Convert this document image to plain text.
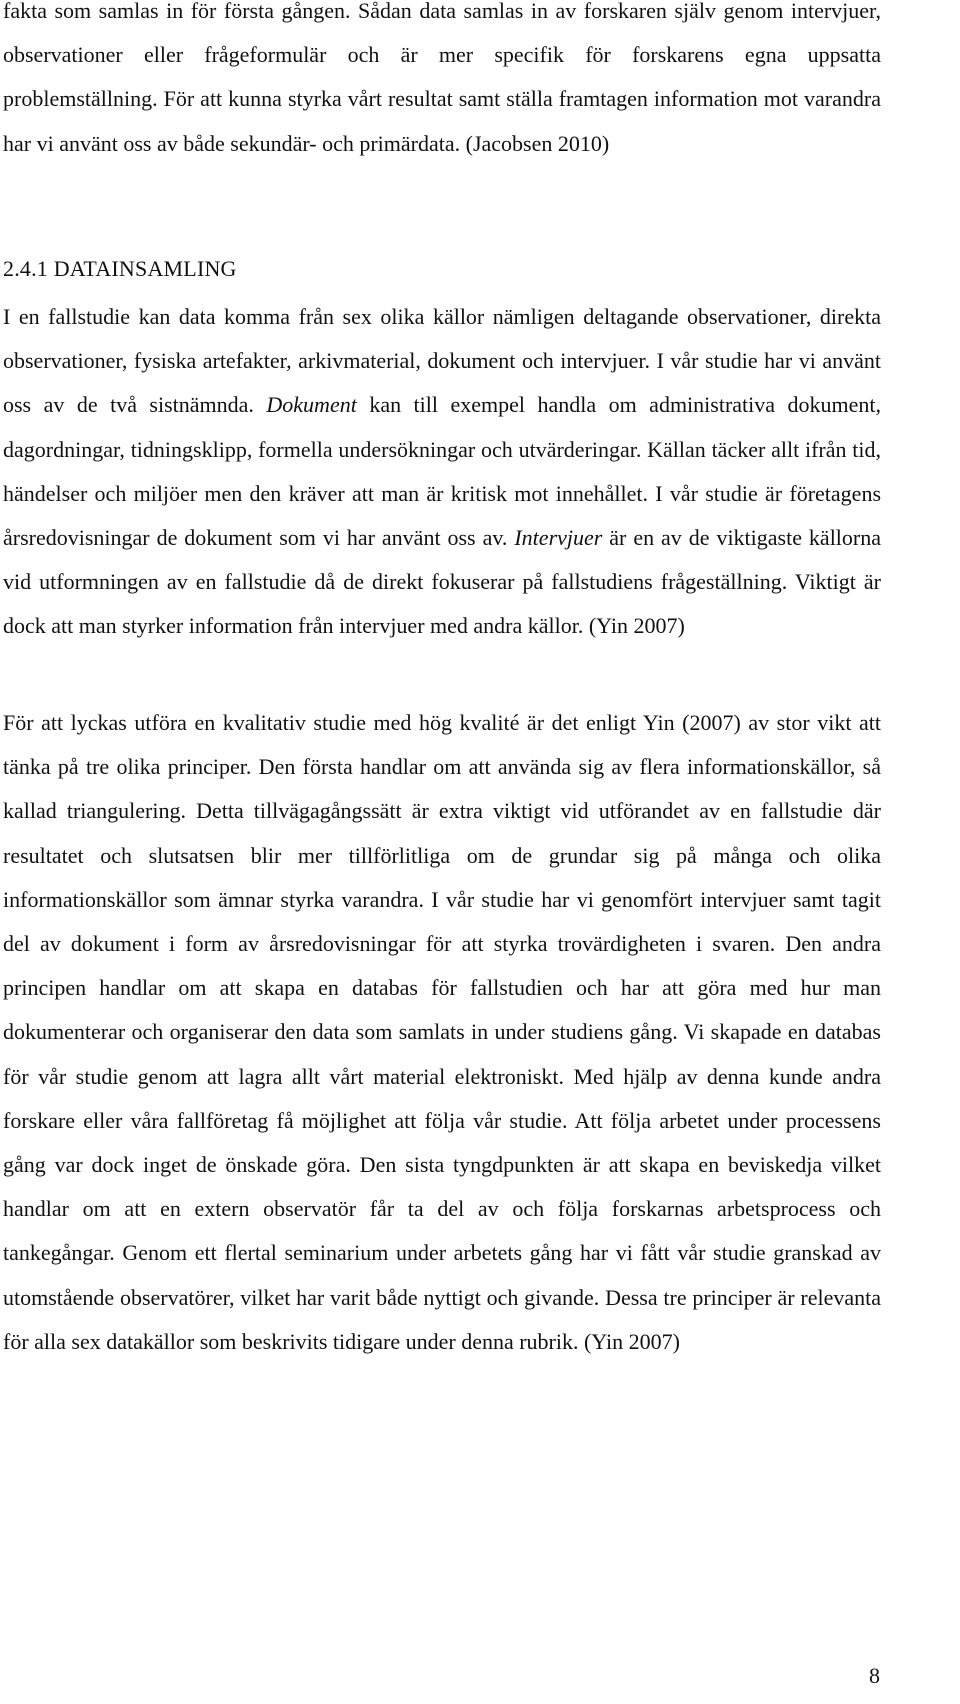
fakta som samlas in för första gången. Sådan data samlas in av forskaren själv genom intervjuer, observationer eller frågeformulär och är mer specifik för forskarens egna uppsatta problemställning. För att kunna styrka vårt resultat samt ställa framtagen information mot varandra har vi använt oss av både sekundär- och primärdata. (Jacobsen 2010)

2.4.1 DATAINSAMLING

I en fallstudie kan data komma från sex olika källor nämligen deltagande observationer, direkta observationer, fysiska artefakter, arkivmaterial, dokument och intervjuer. I vår studie har vi använt oss av de två sistnämnda. Dokument kan till exempel handla om administrativa dokument, dagordningar, tidningsklipp, formella undersökningar och utvärderingar. Källan täcker allt ifrån tid, händelser och miljöer men den kräver att man är kritisk mot innehållet. I vår studie är företagens årsredovisningar de dokument som vi har använt oss av. Intervjuer är en av de viktigaste källorna vid utformningen av en fallstudie då de direkt fokuserar på fallstudiens frågeställning. Viktigt är dock att man styrker information från intervjuer med andra källor. (Yin 2007)

För att lyckas utföra en kvalitativ studie med hög kvalité är det enligt Yin (2007) av stor vikt att tänka på tre olika principer. Den första handlar om att använda sig av flera informationskällor, så kallad triangulering. Detta tillvägagångssätt är extra viktigt vid utförandet av en fallstudie där resultatet och slutsatsen blir mer tillförlitliga om de grundar sig på många och olika informationskällor som ämnar styrka varandra. I vår studie har vi genomfört intervjuer samt tagit del av dokument i form av årsredovisningar för att styrka trovärdigheten i svaren. Den andra principen handlar om att skapa en databas för fallstudien och har att göra med hur man dokumenterar och organiserar den data som samlats in under studiens gång. Vi skapade en databas för vår studie genom att lagra allt vårt material elektroniskt. Med hjälp av denna kunde andra forskare eller våra fallföretag få möjlighet att följa vår studie. Att följa arbetet under processens gång var dock inget de önskade göra. Den sista tyngdpunkten är att skapa en beviskedja vilket handlar om att en extern observatör får ta del av och följa forskarnas arbetsprocess och tankegångar. Genom ett flertal seminarium under arbetets gång har vi fått vår studie granskad av utomstående observatörer, vilket har varit både nyttigt och givande. Dessa tre principer är relevanta för alla sex datakällor som beskrivits tidigare under denna rubrik. (Yin 2007)

8
